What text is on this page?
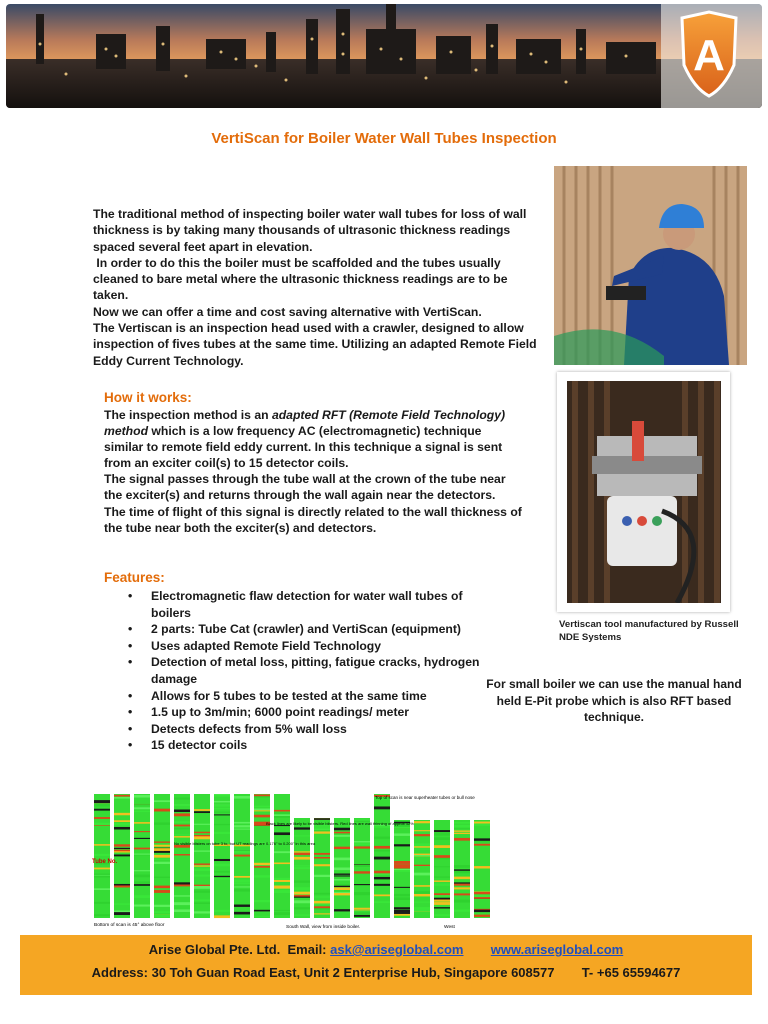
A
VertiScan for Boiler Water Wall Tubes Inspection

The traditional method of inspecting boiler water wall tubes for loss of wall thickness is by taking many thousands of ultrasonic thickness readings spaced several feet apart in elevation.

In order to do this the boiler must be scaffolded and the tubes usually cleaned to bare metal where the ultrasonic thickness readings are to be taken.

Now we can offer a time and cost saving alternative with VertiScan.

The Vertiscan is an inspection head used with a crawler, designed to allow inspection of fives tubes at the same time. Utilizing an adapted Remote Field Eddy Current Technology.

Vertiscan tool manufactured by Russell NDE Systems
How it works:

The inspection method is an adapted RFT (Remote Field Technology) method which is a low frequency AC (electromagnetic) technique similar to remote field eddy current. In this technique a signal is sent from an exciter coil(s) to 15 detector coils.

The signal passes through the tube wall at the crown of the tube near the exciter(s) and returns through the wall again near the detectors.

The time of flight of this signal is directly related to the wall thickness of the tube near both the exciter(s) and detectors.

Features:
• Electromagnetic flaw detection for water wall tubes of boilers
• 2 parts: Tube Cat (crawler) and VertiScan (equipment)
• Uses adapted Remote Field Technology
• Detection of metal loss, pitting, fatigue cracks, hydrogen damage
• Allows for 5 tubes to be tested at the same time
• 1.5 up to 3m/min; 6000 point readings/ meter
• Detects defects from 5% wall loss
• 15 detector coils
For small boiler we can use the manual hand held E-Pit probe which is also RFT based technique.
Tube No.
Top of scan is near superheater tubes or bull nose
No visible blisters on tube 3 to, but UT readings are 0.176" to 0.200" in this area
Black lines are likely to be visible blisters. Red lines are wall thinning of approx 12%
Bottom of scan is 45° above floor	South Wall, view from inside boiler.	West
Arise Global Pte. Ltd. Email: ask@ariseglobal.com www.ariseglobal.com
Address: 30 Toh Guan Road East, Unit 2 Enterprise Hub, Singapore 608577 T- +65 65594677
